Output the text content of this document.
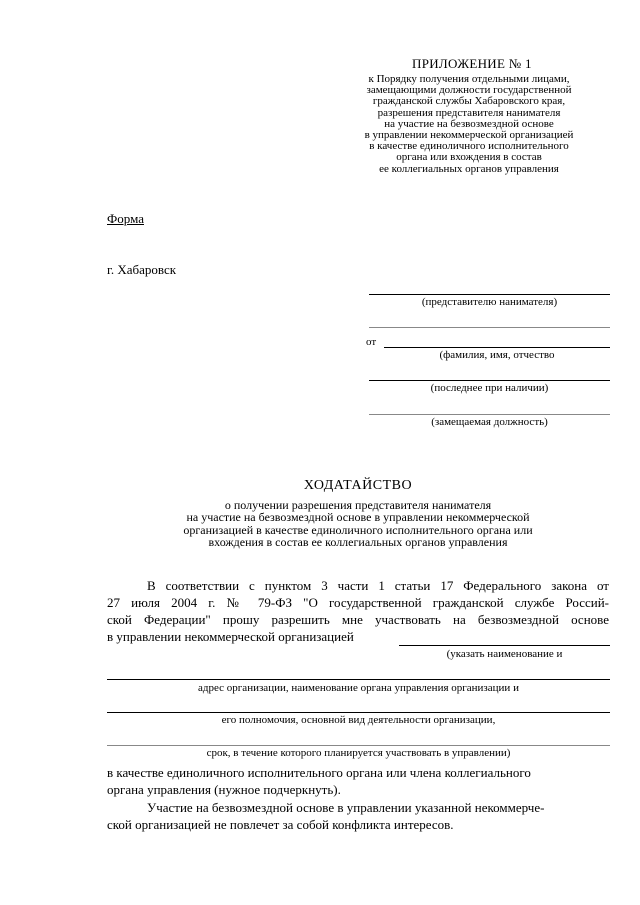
ПРИЛОЖЕНИЕ № 1
к Порядку получения отдельными лицами,
замещающими должности государственной
гражданской службы Хабаровского края,
разрешения представителя нанимателя
на участие на безвозмездной основе
в управлении некоммерческой организацией
в качестве единоличного исполнительного
органа или вхождения в состав
ее коллегиальных органов управления
Форма
г. Хабаровск
(представителю нанимателя)
от
(фамилия, имя, отчество
(последнее при наличии)
(замещаемая должность)
ХОДАТАЙСТВО
о получении разрешения представителя нанимателя
на участие на безвозмездной основе в управлении некоммерческой
организацией в качестве единоличного исполнительного органа или
вхождения в состав ее коллегиальных органов управления
В соответствии с пунктом 3 части 1 статьи 17 Федерального закона от
27 июля 2004 г. № 79-ФЗ "О государственной гражданской службе Россий-
ской Федерации" прошу разрешить мне участвовать на безвозмездной основе
в управлении некоммерческой организацией
(указать наименование и
адрес организации, наименование органа управления организации и
его полномочия, основной вид деятельности организации,
срок, в течение которого планируется участвовать в управлении)
в качестве единоличного исполнительного органа или члена коллегиального
органа управления (нужное подчеркнуть).
Участие на безвозмездной основе в управлении указанной некоммерче-
ской организацией не повлечет за собой конфликта интересов.
